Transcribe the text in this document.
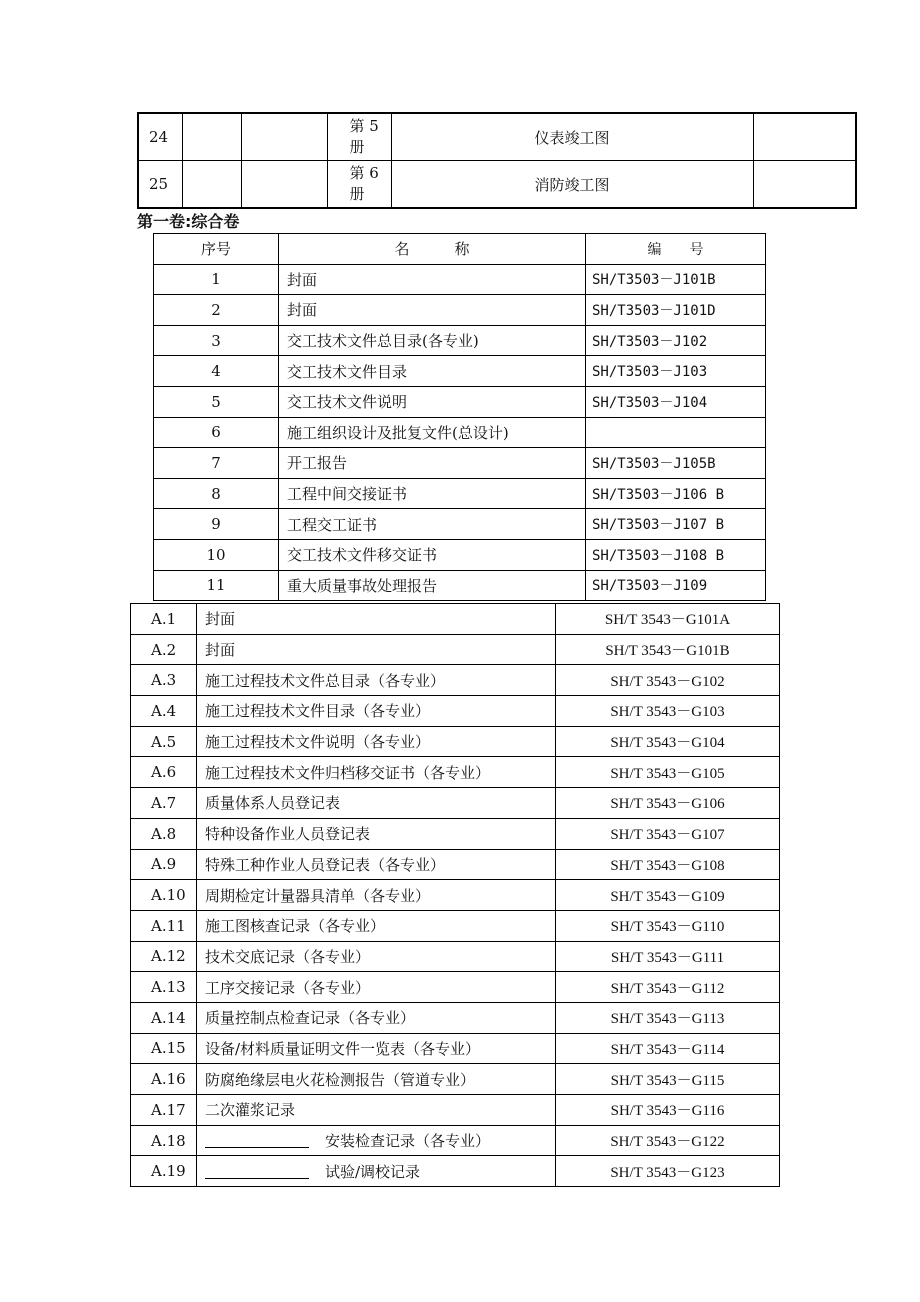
24			第 5 册	仪表竣工图	
25			第 6 册	消防竣工图	
第一卷:综合卷
序号	名　　　称	编　　号
1	封面	SH/T3503－J101B
2	封面	SH/T3503－J101D
3	交工技术文件总目录(各专业)	SH/T3503－J102
4	交工技术文件目录	SH/T3503－J103
5	交工技术文件说明	SH/T3503－J104
6	施工组织设计及批复文件(总设计)	
7	开工报告	SH/T3503－J105B
8	工程中间交接证书	SH/T3503－J106 B
9	工程交工证书	SH/T3503－J107 B
10	交工技术文件移交证书	SH/T3503－J108 B
11	重大质量事故处理报告	SH/T3503－J109
A.1	封面	SH/T 3543－G101A
A.2	封面	SH/T 3543－G101B
A.3	施工过程技术文件总目录（各专业）	SH/T 3543－G102
A.4	施工过程技术文件目录（各专业）	SH/T 3543－G103
A.5	施工过程技术文件说明（各专业）	SH/T 3543－G104
A.6	施工过程技术文件归档移交证书（各专业）	SH/T 3543－G105
A.7	质量体系人员登记表	SH/T 3543－G106
A.8	特种设备作业人员登记表	SH/T 3543－G107
A.9	特殊工种作业人员登记表（各专业）	SH/T 3543－G108
A.10	周期检定计量器具清单（各专业）	SH/T 3543－G109
A.11	施工图核查记录（各专业）	SH/T 3543－G110
A.12	技术交底记录（各专业）	SH/T 3543－G111
A.13	工序交接记录（各专业）	SH/T 3543－G112
A.14	质量控制点检查记录（各专业）	SH/T 3543－G113
A.15	设备/材料质量证明文件一览表（各专业）	SH/T 3543－G114
A.16	防腐绝缘层电火花检测报告（管道专业）	SH/T 3543－G115
A.17	二次灌浆记录	SH/T 3543－G116
A.18	安装检查记录（各专业）	SH/T 3543－G122
A.19	试验/调校记录	SH/T 3543－G123
